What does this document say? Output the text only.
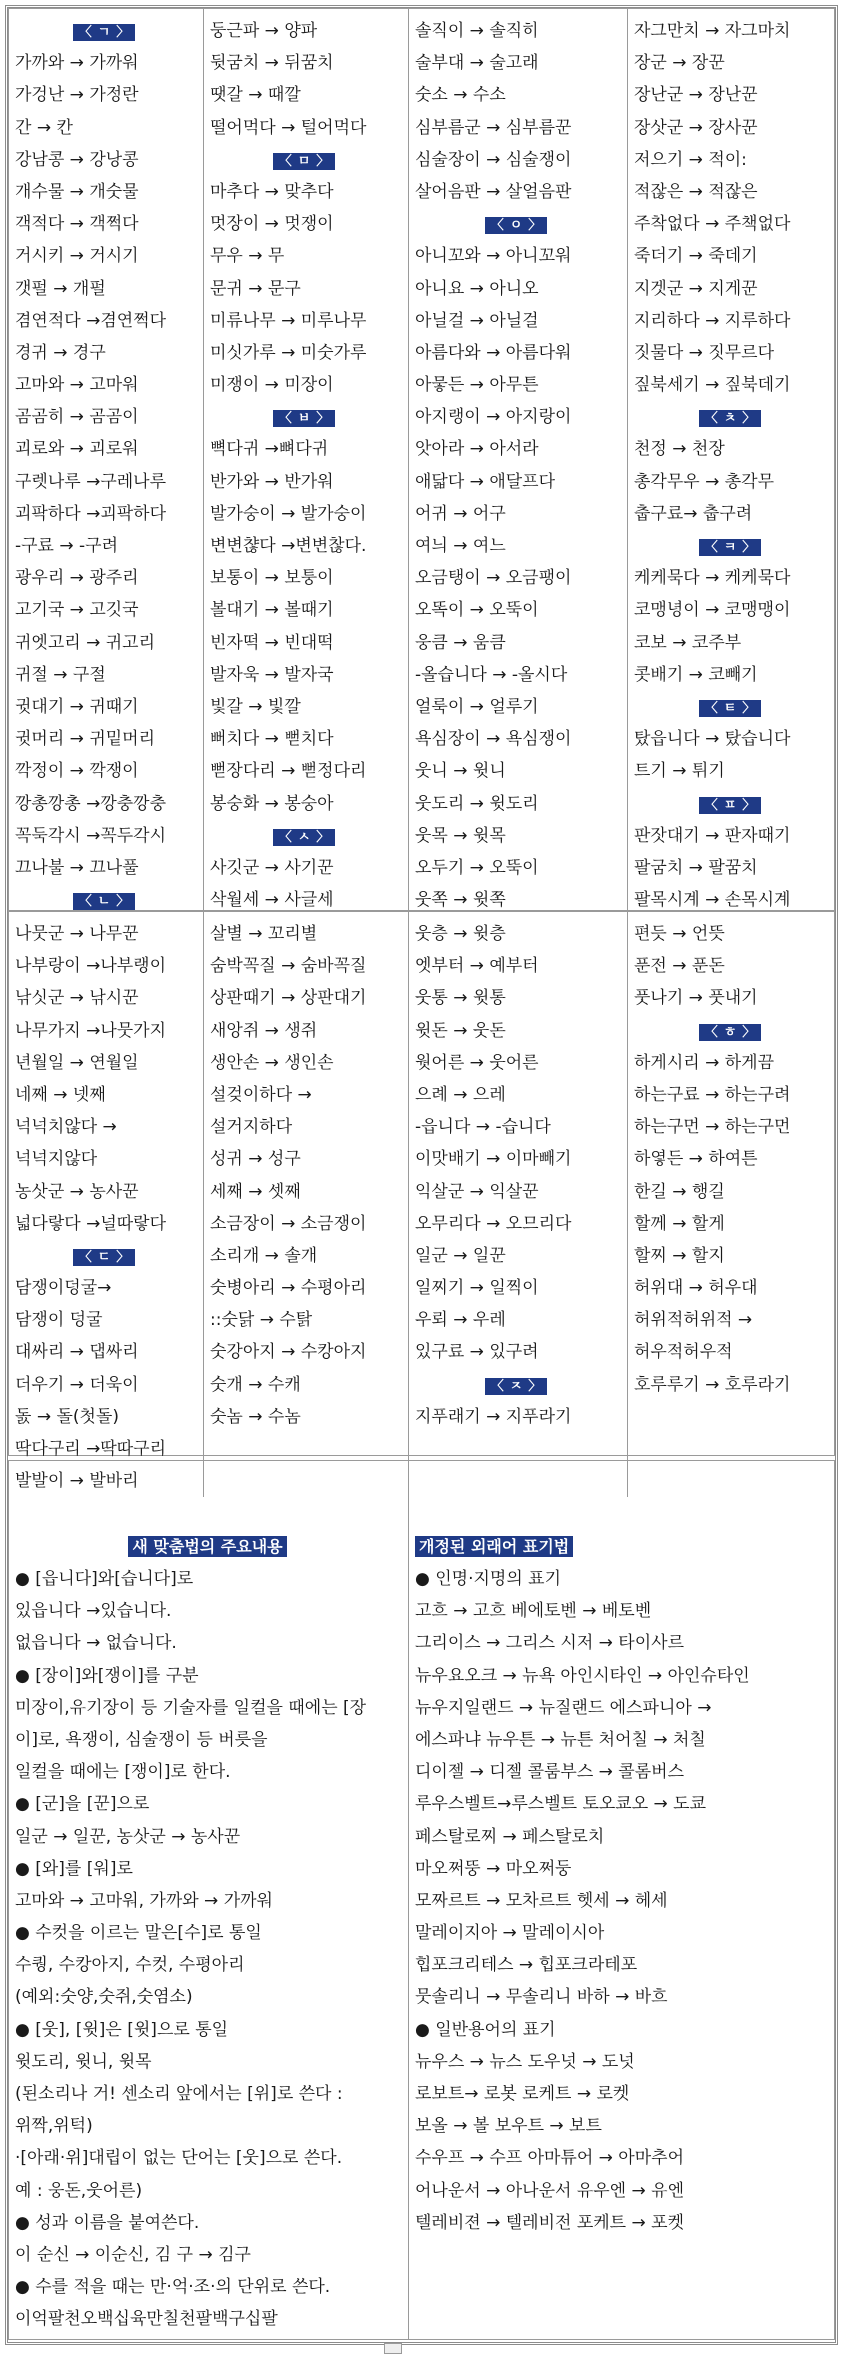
〈 ㄱ 〉
가까와 → 가까워
가겅난 → 가정란
간 → 칸
강남콩 → 강낭콩
개수물 → 개숫물
객적다 → 객쩍다
거시키 → 거시기
갯펄 → 개펄
겸연적다 →겸연쩍다
경귀 → 경구
고마와 → 고마워
곰곰히 → 곰곰이
괴로와 → 괴로워
구렛나루 →구레나루
괴팍하다 →괴팍하다
-구료 → -구려
광우리 → 광주리
고기국 → 고깃국
귀엣고리 → 귀고리
귀절 → 구절
귓대기 → 귀때기
귓머리 → 귀밑머리
깍정이 → 깍쟁이
깡총깡총 →깡충깡충
꼭둑각시 →꼭두각시
끄나불 → 끄나풀
〈 ㄴ 〉
둥근파 → 양파
뒷굼치 → 뒤꿈치
땟갈 → 때깔
떨어먹다 → 털어먹다
〈 ㅁ 〉
마추다 → 맞추다
멋장이 → 멋쟁이
무우 → 무
문귀 → 문구
미류나무 → 미루나무
미싯가루 → 미숫가루
미쟁이 → 미장이
〈 ㅂ 〉
뼉다귀 →뼈다귀
반가와 → 반가워
발가숭이 → 발가숭이
변변챦다 →변변찮다.
보통이 → 보퉁이
볼대기 → 볼때기
빈자떡 → 빈대떡
발자욱 → 발자국
빛갈 → 빛깔
뻐치다 → 뻗치다
뻗장다리 → 뻗정다리
봉숭화 → 봉숭아
〈 ㅅ 〉
사깃군 → 사기꾼
삭월세 → 사글세
솔직이 → 솔직히
술부대 → 술고래
숫소 → 수소
심부름군 → 심부름꾼
심술장이 → 심술쟁이
살어음판 → 살얼음판
〈 ㅇ 〉
아니꼬와 → 아니꼬워
아니요 → 아니오
아닐걸 → 아닐걸
아름다와 → 아름다워
아뭏든 → 아무튼
아지랭이 → 아지랑이
앗아라 → 아서라
애닯다 → 애달프다
어귀 → 어구
여늬 → 여느
오금탱이 → 오금팽이
오똑이 → 오뚝이
웅큼 → 움큼
-올습니다 → -올시다
얼룩이 → 얼루기
욕심장이 → 욕심쟁이
웃니 → 윗니
웃도리 → 윗도리
웃목 → 윗목
오두기 → 오뚝이
웃쪽 → 윗쪽
자그만치 → 자그마치
장군 → 장꾼
장난군 → 장난꾼
장삿군 → 장사꾼
저으기 → 적이:
적잖은 → 적잖은
주착없다 → 주책없다
죽더기 → 죽데기
지겟군 → 지게꾼
지리하다 → 지루하다
짓물다 → 짓무르다
짚북세기 → 짚북데기
〈 ㅊ 〉
천정 → 천장
총각무우 → 총각무
춥구료→ 춥구려
〈 ㅋ 〉
케케묵다 → 케케묵다
코맹녕이 → 코맹맹이
코보 → 코주부
콧배기 → 코빼기
〈 ㅌ 〉
탔읍니다 → 탔습니다
트기 → 튀기
〈 ㅍ 〉
판잣대기 → 판자때기
팔굼치 → 팔꿈치
팔목시계 → 손목시계
나뭇군 → 나무꾼
나부랑이 →나부랭이
낚싯군 → 낚시꾼
나무가지 →나뭇가지
년월일 → 연월일
네째 → 넷째
넉넉치않다 →
넉넉지않다
농삿군 → 농사꾼
넓다랗다 →널따랗다
〈 ㄷ 〉
담쟁이덩굴→
담쟁이 덩굴
대싸리 → 댑싸리
더우기 → 더욱이
돐 → 돌(첫돌)
딱다구리 →딱따구리
발발이 → 발바리
살별 → 꼬리별
숨박꼭질 → 숨바꼭질
상판때기 → 상판대기
새앙쥐 → 생쥐
생안손 → 생인손
설겆이하다 →
설거지하다
성귀 → 성구
세째 → 셋째
소금장이 → 소금쟁이
소리개 → 솔개
숫병아리 → 수평아리
::숫닭 → 수탉
숫강아지 → 수캉아지
숫개 → 수캐
숫놈 → 수놈
웃층 → 윗층
엣부터 → 예부터
웃통 → 윗통
윗돈 → 웃돈
웟어른 → 웃어른
으례 → 으레
-읍니다 → -습니다
이맛배기 → 이마빼기
익살군 → 익살꾼
오무리다 → 오므리다
일군 → 일꾼
일찌기 → 일찍이
우뢰 → 우레
있구료 → 있구려
〈 ㅈ 〉
지푸래기 → 지푸라기
편듯 → 언뜻
푼전 → 푼돈
풋나기 → 풋내기
〈 ㅎ 〉
하게시리 → 하게끔
하는구료 → 하는구려
하는구먼 → 하는구먼
하옇든 → 하여튼
한길 → 행길
할께 → 할게
할찌 → 할지
허위대 → 허우대
허위적허위적 →
허우적허우적
호루루기 → 호루라기
새 맞춤법의 주요내용
● [읍니다]와[습니다]로
있읍니다 →있습니다.
없읍니다 → 없습니다.
● [장이]와[쟁이]를 구분
미장이,유기장이 등 기술자를 일컬을 때에는 [장
이]로, 욕쟁이, 심술쟁이 등 버릇을
일컬을 때에는 [쟁이]로 한다.
● [군]을 [꾼]으로
일군 → 일꾼, 농삿군 → 농사꾼
● [와]를 [워]로
고마와 → 고마워, 가까와 → 가까워
● 수컷을 이르는 말은[수]로 통일
수퀑, 수캉아지, 수컷, 수평아리
(예외:숫양,숫쥐,숫염소)
● [웃], [윗]은 [윗]으로 통일
윗도리, 윗니, 윗목
(된소리나 거! 센소리 앞에서는 [위]로 쓴다 :
위짝,위턱)
·[아래·위]대립이 없는 단어는 [웃]으로 쓴다.
예 : 웅돈,웃어른)
● 성과 이름을 붙여쓴다.
이 순신 → 이순신, 김 구 → 김구
● 수를 적을 때는 만·억·조·의 단위로 쓴다.
이억팔천오백십육만칠천팔백구십팔
개정된 외래어 표기법
● 인명·지명의 표기
고흐 → 고흐 베에토벤 → 베토벤
그리이스 → 그리스 시저 → 타이사르
뉴우요오크 → 뉴욕 아인시타인 → 아인슈타인
뉴우지일랜드 → 뉴질랜드 에스파니아 →
에스파냐 뉴우튼 → 뉴튼 처어칠 → 처칠
디이젤 → 디젤 콜룸부스 → 콜롬버스
루우스벨트→루스벨트 토오쿄오 → 도쿄
페스탈로찌 → 페스탈로치
마오쩌뚱 → 마오쩌둥
모짜르트 → 모차르트 헷세 → 헤세
말레이지아 → 말레이시아
힙포크리테스 → 힙포크라테포
뭇솔리니 → 무솔리니 바하 → 바흐
● 일반용어의 표기
뉴우스 → 뉴스 도우넛 → 도넛
로보트→ 로봇 로케트 → 로켓
보올 → 볼 보우트 → 보트
수우프 → 수프 아마튜어 → 아마추어
어나운서 → 아나운서 유우엔 → 유엔
텔레비젼 → 텔레비전 포케트 → 포켓
